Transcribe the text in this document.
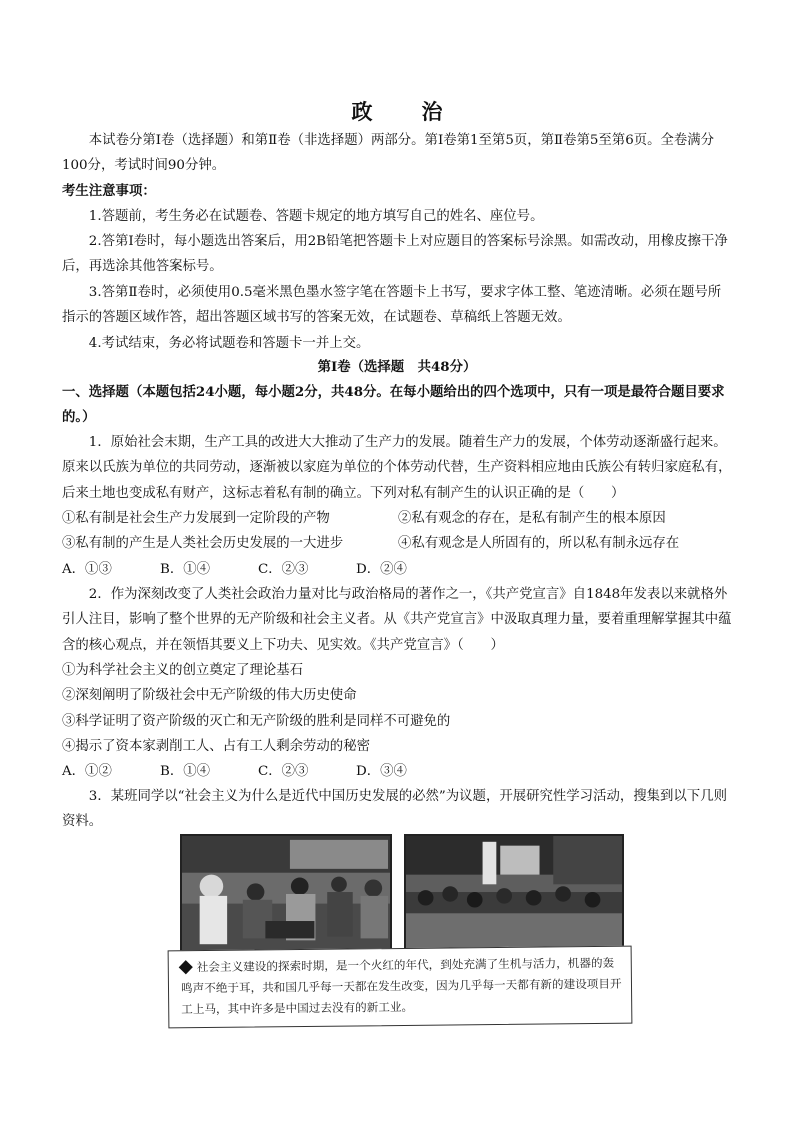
政　治
本试卷分第Ⅰ卷（选择题）和第Ⅱ卷（非选择题）两部分。第Ⅰ卷第1至第5页，第Ⅱ卷第5至第6页。全卷满分100分，考试时间90分钟。
考生注意事项：
1.答题前，考生务必在试题卷、答题卡规定的地方填写自己的姓名、座位号。
2.答第Ⅰ卷时，每小题选出答案后，用2B铅笔把答题卡上对应题目的答案标号涂黑。如需改动，用橡皮擦干净后，再选涂其他答案标号。
3.答第Ⅱ卷时，必须使用0.5毫米黑色墨水签字笔在答题卡上书写，要求字体工整、笔迹清晰。必须在题号所指示的答题区域作答，超出答题区域书写的答案无效，在试题卷、草稿纸上答题无效。
4.考试结束，务必将试题卷和答题卡一并上交。
第Ⅰ卷（选择题　共48分）
一、选择题（本题包括24小题，每小题2分，共48分。在每小题给出的四个选项中，只有一项是最符合题目要求的。）
1．原始社会末期，生产工具的改进大大推动了生产力的发展。随着生产力的发展，个体劳动逐渐盛行起来。原来以氏族为单位的共同劳动，逐渐被以家庭为单位的个体劳动代替，生产资料相应地由氏族公有转归家庭私有，后来土地也变成私有财产，这标志着私有制的确立。下列对私有制产生的认识正确的是（　　）
①私有制是社会生产力发展到一定阶段的产物	②私有观念的存在，是私有制产生的根本原因
③私有制的产生是人类社会历史发展的一大进步	④私有观念是人所固有的，所以私有制永远存在
A．①③	B．①④	C．②③	D．②④
2．作为深刻改变了人类社会政治力量对比与政治格局的著作之一，《共产党宣言》自1848年发表以来就格外引人注目，影响了整个世界的无产阶级和社会主义者。从《共产党宣言》中汲取真理力量，要着重理解掌握其中蕴含的核心观点，并在领悟其要义上下功夫、见实效。《共产党宣言》（　　）
①为科学社会主义的创立奠定了理论基石
②深刻阐明了阶级社会中无产阶级的伟大历史使命
③科学证明了资产阶级的灭亡和无产阶级的胜利是同样不可避免的
④揭示了资本家剥削工人、占有工人剩余劳动的秘密
A．①②	B．①④	C．②③	D．③④
3．某班同学以“社会主义为什么是近代中国历史发展的必然”为议题，开展研究性学习活动，搜集到以下几则资料。
社会主义建设的探索时期，是一个火红的年代，到处充满了生机与活力，机器的轰鸣声不绝于耳，共和国几乎每一天都在发生改变，因为几乎每一天都有新的建设项目开工上马，其中许多是中国过去没有的新工业。
